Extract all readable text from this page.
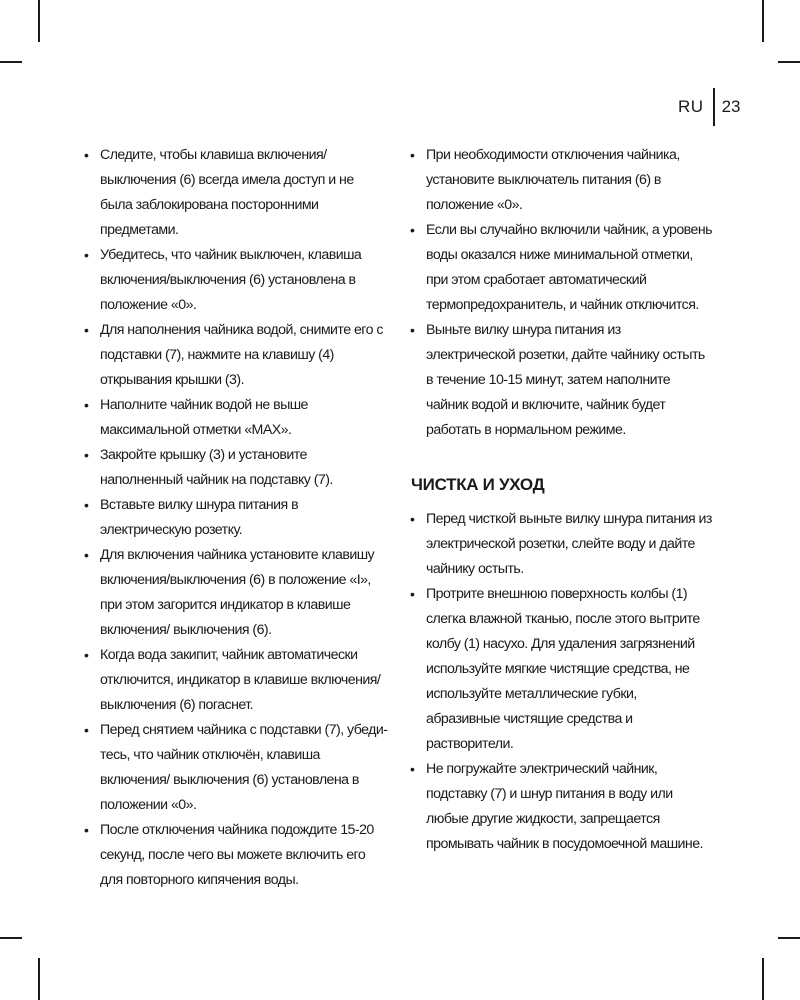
RU	23
• Следите, чтобы клавиша включения/выключения (6) всегда имела доступ и не была заблокирована посторонними предметами.
• Убедитесь, что чайник выключен, клавиша включения/выключения (6) установлена в положение «0».
• Для наполнения чайника водой, снимите его с подставки (7), нажмите на клавишу (4) открывания крышки (3).
• Наполните чайник водой не выше максимальной отметки «MAX».
• Закройте крышку (3) и установите наполненный чайник на подставку (7).
• Вставьте вилку шнура питания в электрическую розетку.
• Для включения чайника установите клавишу включения/выключения (6) в положение «I», при этом загорится индикатор в клавише включения/ выключения (6).
• Когда вода закипит, чайник автоматически отключится, индикатор в клавише включения/выключения (6) погаснет.
• Перед снятием чайника с подставки (7), убедитесь, что чайник отключён, клавиша включения/ выключения (6) установлена в положении «0».
• После отключения чайника подождите 15-20 секунд, после чего вы можете включить его для повторного кипячения воды.
• При необходимости отключения чайника, установите выключатель питания (6) в положение «0».
• Если вы случайно включили чайник, а уровень воды оказался ниже минимальной отметки, при этом сработает автоматический термопредохранитель, и чайник отключится.
• Выньте вилку шнура питания из электрической розетки, дайте чайнику остыть в течение 10-15 минут, затем наполните чайник водой и включите, чайник будет работать в нормальном режиме.
ЧИСТКА И УХОД
• Перед чисткой выньте вилку шнура питания из электрической розетки, слейте воду и дайте чайнику остыть.
• Протрите внешнюю поверхность колбы (1) слегка влажной тканью, после этого вытрите колбу (1) насухо. Для удаления загрязнений используйте мягкие чистящие средства, не используйте металлические губки, абразивные чистящие средства и растворители.
• Не погружайте электрический чайник, подставку (7) и шнур питания в воду или любые другие жидкости, запрещается промывать чайник в посудомоечной машине.
